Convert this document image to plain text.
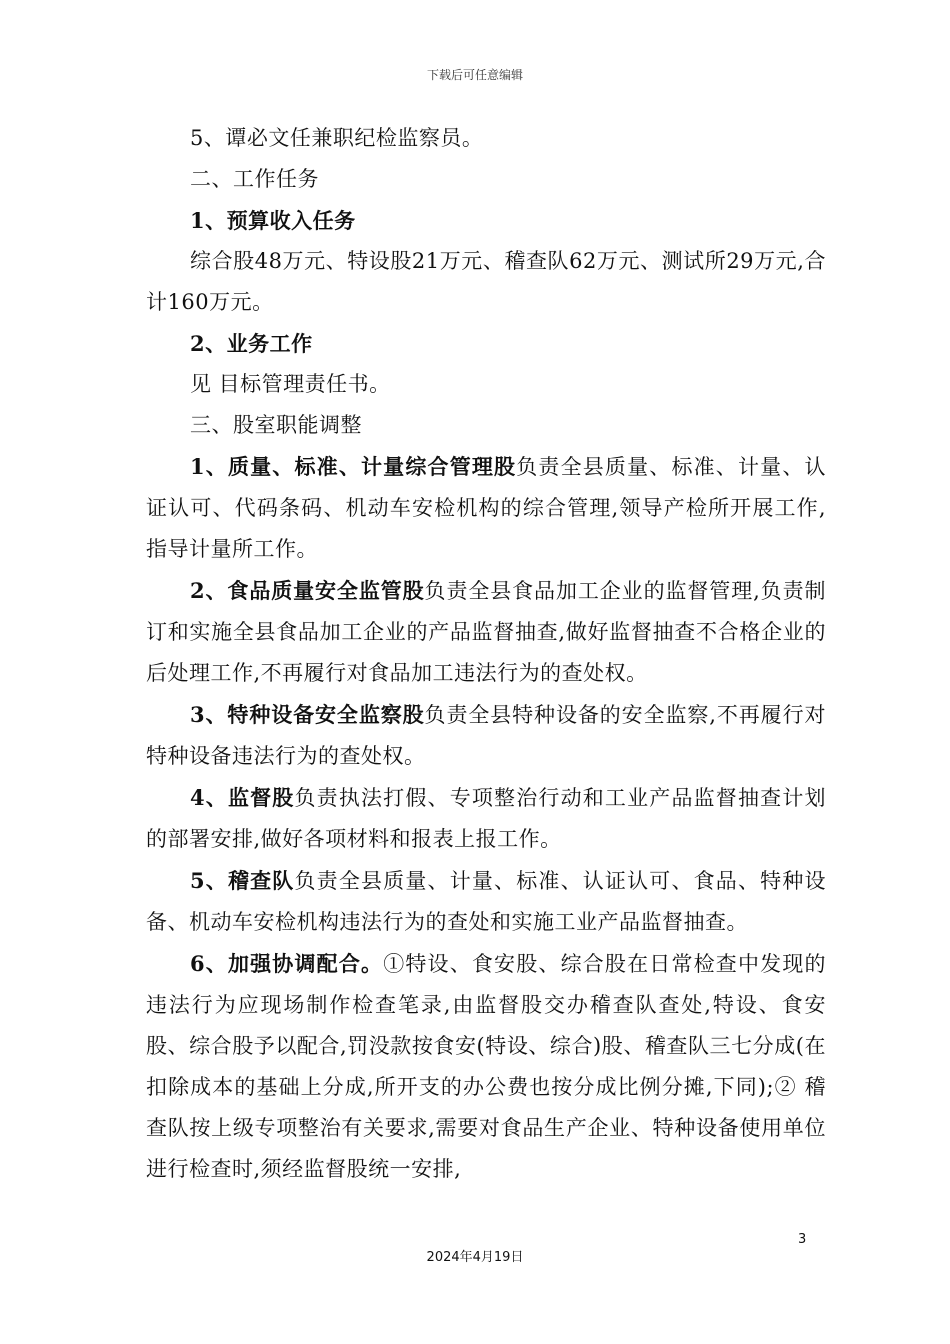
下载后可任意编辑

5、谭必文任兼职纪检监察员。

二、工作任务

1、预算收入任务

综合股48万元、特设股21万元、稽查队62万元、测试所29万元,合计160万元。

2、业务工作

见 目标管理责任书。

三、股室职能调整

1、质量、标准、计量综合管理股负责全县质量、标准、计量、认证认可、代码条码、机动车安检机构的综合管理,领导产检所开展工作,指导计量所工作。

2、食品质量安全监管股负责全县食品加工企业的监督管理,负责制订和实施全县食品加工企业的产品监督抽查,做好监督抽查不合格企业的后处理工作,不再履行对食品加工违法行为的查处权。

3、特种设备安全监察股负责全县特种设备的安全监察,不再履行对特种设备违法行为的查处权。

4、监督股负责执法打假、专项整治行动和工业产品监督抽查计划的部署安排,做好各项材料和报表上报工作。

5、稽查队负责全县质量、计量、标准、认证认可、食品、特种设备、机动车安检机构违法行为的查处和实施工业产品监督抽查。

6、加强协调配合。①特设、食安股、综合股在日常检查中发现的违法行为应现场制作检查笔录,由监督股交办稽查队查处,特设、食安股、综合股予以配合,罚没款按食安(特设、综合)股、稽查队三七分成(在扣除成本的基础上分成,所开支的办公费也按分成比例分摊,下同);② 稽查队按上级专项整治有关要求,需要对食品生产企业、特种设备使用单位进行检查时,须经监督股统一安排,

3
2024年4月19日
